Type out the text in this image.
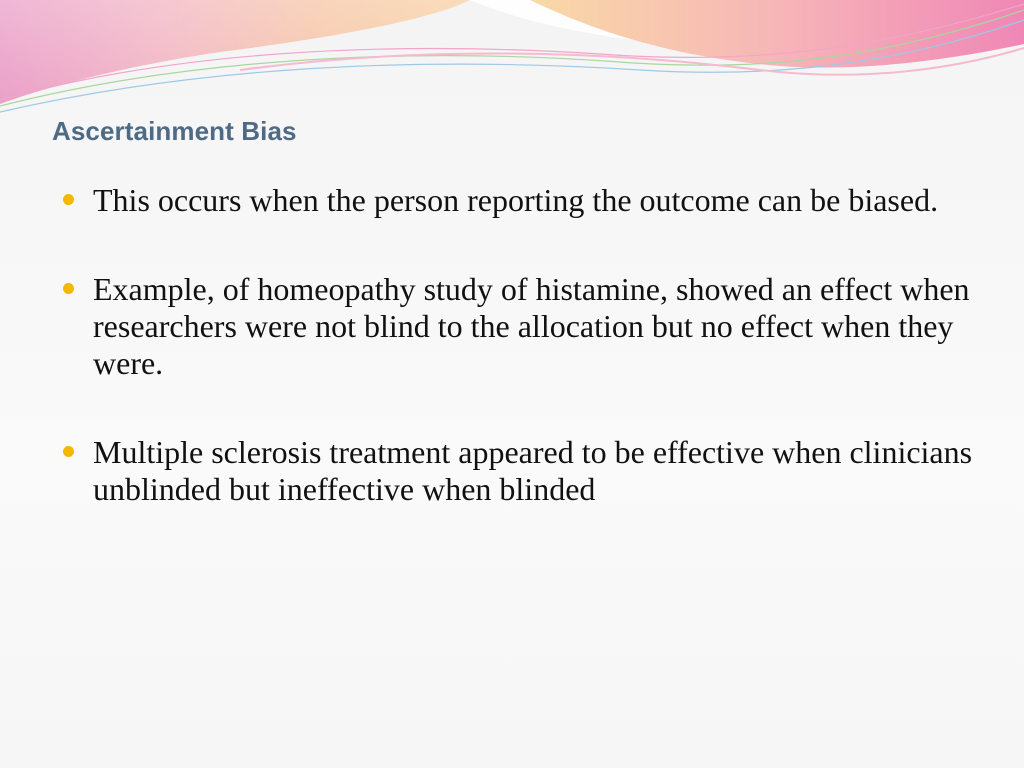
Ascertainment Bias
This occurs when the person reporting the outcome can be biased.
Example, of homeopathy study of histamine, showed an effect when researchers were not blind to the allocation but no effect when they were.
Multiple sclerosis treatment appeared to be effective when clinicians unblinded but ineffective when blinded
